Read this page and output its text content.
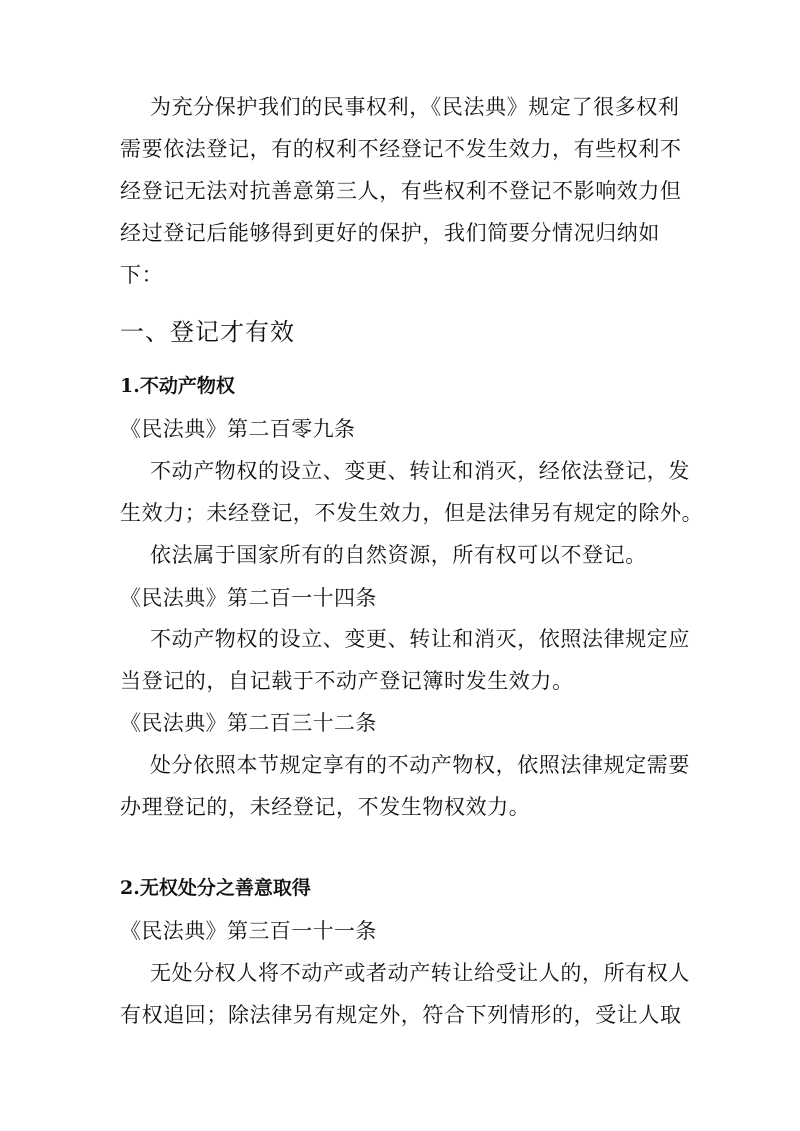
为充分保护我们的民事权利，《民法典》规定了很多权利
需要依法登记，有的权利不经登记不发生效力，有些权利不
经登记无法对抗善意第三人，有些权利不登记不影响效力但
经过登记后能够得到更好的保护，我们简要分情况归纳如
下：
一、登记才有效
1.不动产物权
《民法典》第二百零九条
不动产物权的设立、变更、转让和消灭，经依法登记，发
生效力；未经登记，不发生效力，但是法律另有规定的除外。
依法属于国家所有的自然资源，所有权可以不登记。
《民法典》第二百一十四条
不动产物权的设立、变更、转让和消灭，依照法律规定应
当登记的，自记载于不动产登记簿时发生效力。
《民法典》第二百三十二条
处分依照本节规定享有的不动产物权，依照法律规定需要
办理登记的，未经登记，不发生物权效力。
2.无权处分之善意取得
《民法典》第三百一十一条
无处分权人将不动产或者动产转让给受让人的，所有权人
有权追回；除法律另有规定外，符合下列情形的，受让人取
